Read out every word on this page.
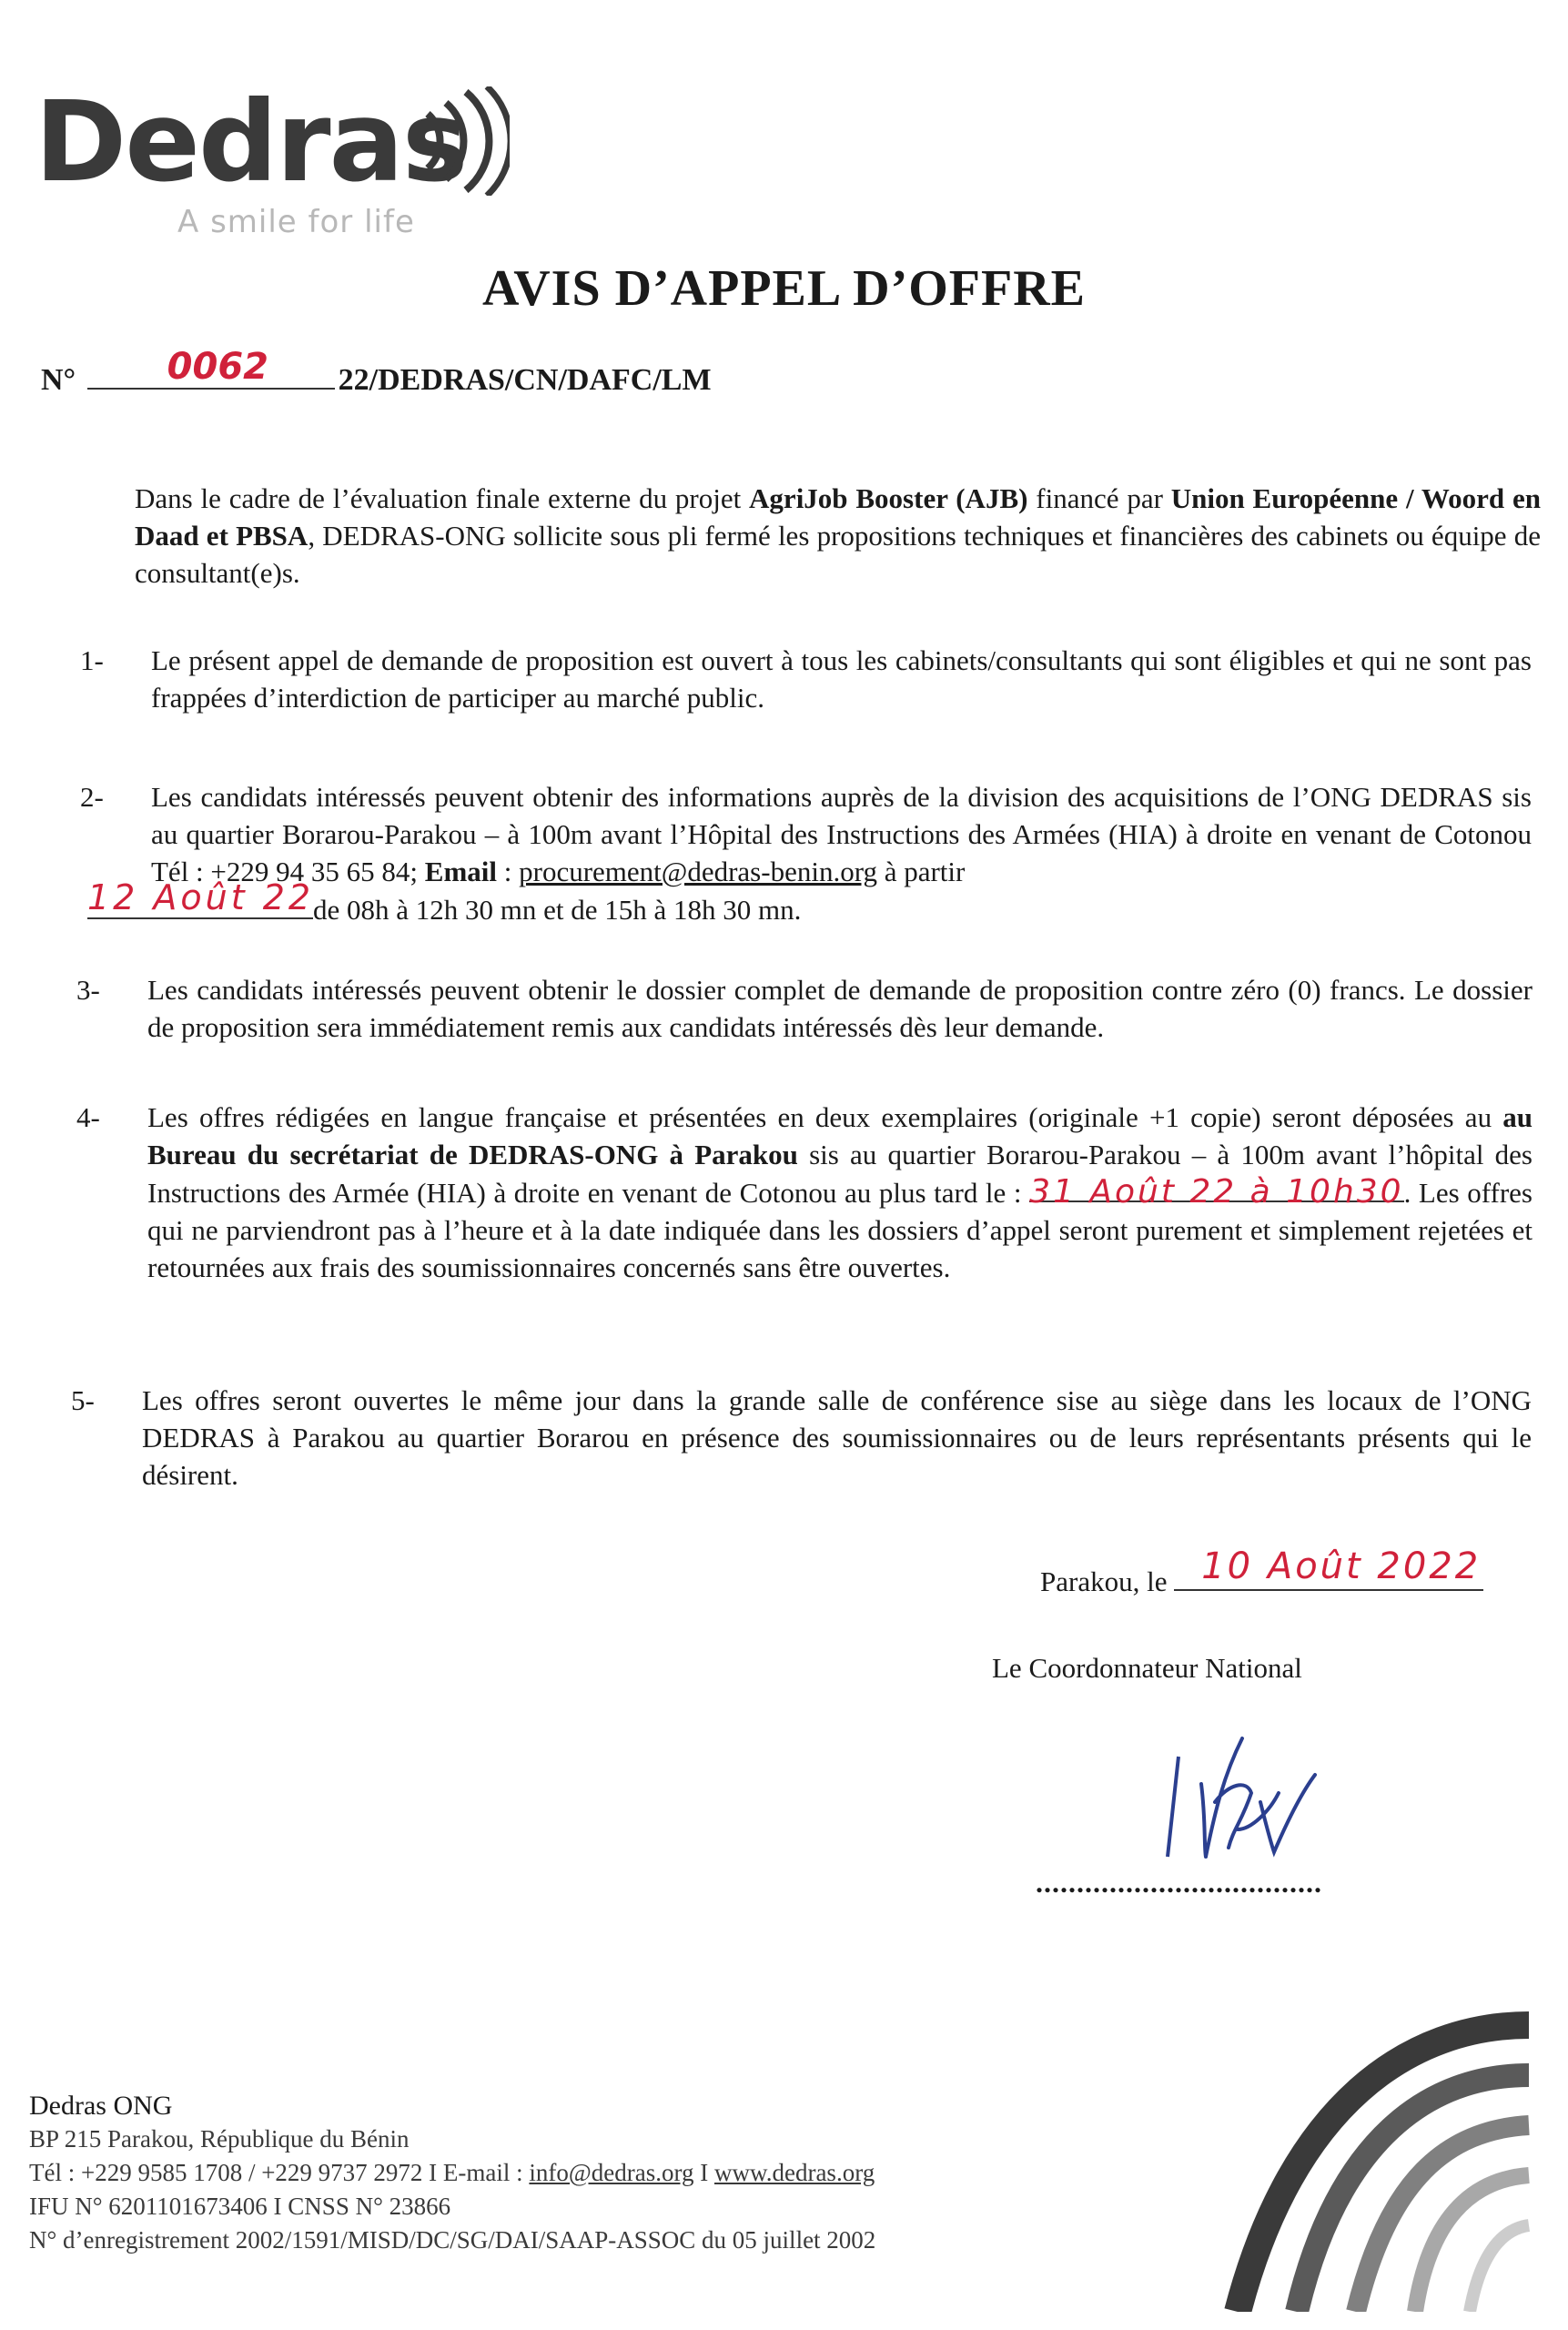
Dedras
A smile for life
AVIS D’APPEL D’OFFRE
N°	0062 22/DEDRAS/CN/DAFC/LM
Dans le cadre de l’évaluation finale externe du projet AgriJob Booster (AJB) financé par Union Européenne / Woord en Daad et PBSA, DEDRAS-ONG sollicite sous pli fermé les propositions techniques et financières des cabinets ou équipe de consultant(e)s.
1-	Le présent appel de demande de proposition est ouvert à tous les cabinets/consultants qui sont éligibles et qui ne sont pas frappées d’interdiction de participer au marché public.
2-	Les candidats intéressés peuvent obtenir des informations auprès de la division des acquisitions de l’ONG DEDRAS sis au quartier Borarou-Parakou – à 100m avant l’Hôpital des Instructions des Armées (HIA) à droite en venant de Cotonou Tél : +229 94 35 65 84; Email : procurement@dedras-benin.org à partir

12 Août 22
de 08h à 12h 30 mn et de 15h à 18h 30 mn.
3-	Les candidats intéressés peuvent obtenir le dossier complet de demande de proposition contre zéro (0) francs. Le dossier de proposition sera immédiatement remis aux candidats intéressés dès leur demande.
4-	Les offres rédigées en langue française et présentées en deux exemplaires (originale +1 copie) seront déposées au au Bureau du secrétariat de DEDRAS-ONG à Parakou sis au quartier Borarou-Parakou – à 100m avant l’hôpital des Instructions des Armée (HIA) à droite en venant de Cotonou au plus tard le : 31 Août 22 à 10h30. Les offres qui ne parviendront pas à l’heure et à la date indiquée dans les dossiers d’appel seront purement et simplement rejetées et retournées aux frais des soumissionnaires concernés sans être ouvertes.
5-	Les offres seront ouvertes le même jour dans la grande salle de conférence sise au siège dans les locaux de l’ONG DEDRAS à Parakou au quartier Borarou en présence des soumissionnaires ou de leurs représentants présents qui le désirent.
Parakou, le 10 Août 2022
Le Coordonnateur National
...................................
Dedras ONG
BP 215 Parakou, République du Bénin
Tél : +229 9585 1708 / +229 9737 2972 I E-mail : info@dedras.org I www.dedras.org
IFU N° 6201101673406 I CNSS N° 23866
N° d’enregistrement 2002/1591/MISD/DC/SG/DAI/SAAP-ASSOC du 05 juillet 2002
